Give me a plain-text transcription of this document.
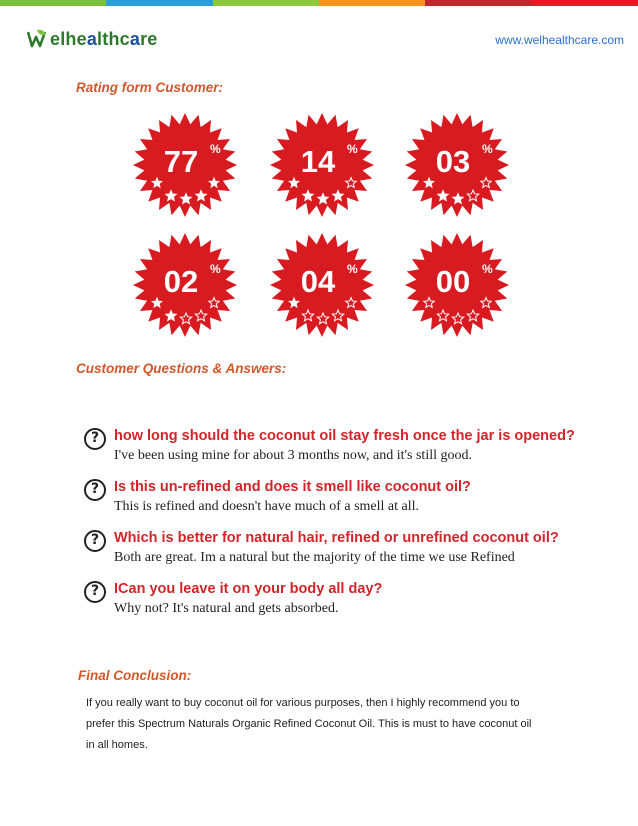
elhealthcare	www.welhealthcare.com
Rating form Customer:
77 %	14 %	03 %
02 %	04 %	00 %
Customer Questions & Answers:
?	how long should the coconut oil stay fresh once the jar is opened?
I've been using mine for about 3 months now, and it's still good.
?	Is this un-refined and does it smell like coconut oil?
This is refined and doesn't have much of a smell at all.
?	Which is better for natural hair, refined or unrefined coconut oil?
Both are great. Im a natural but the majority of the time we use Refined
?	ICan you leave it on your body all day?
Why not? It's natural and gets absorbed.
Final Conclusion:
If you really want to buy coconut oil for various purposes, then I highly recommend you to
prefer this Spectrum Naturals Organic Refined Coconut Oil. This is must to have coconut oil
in all homes.
